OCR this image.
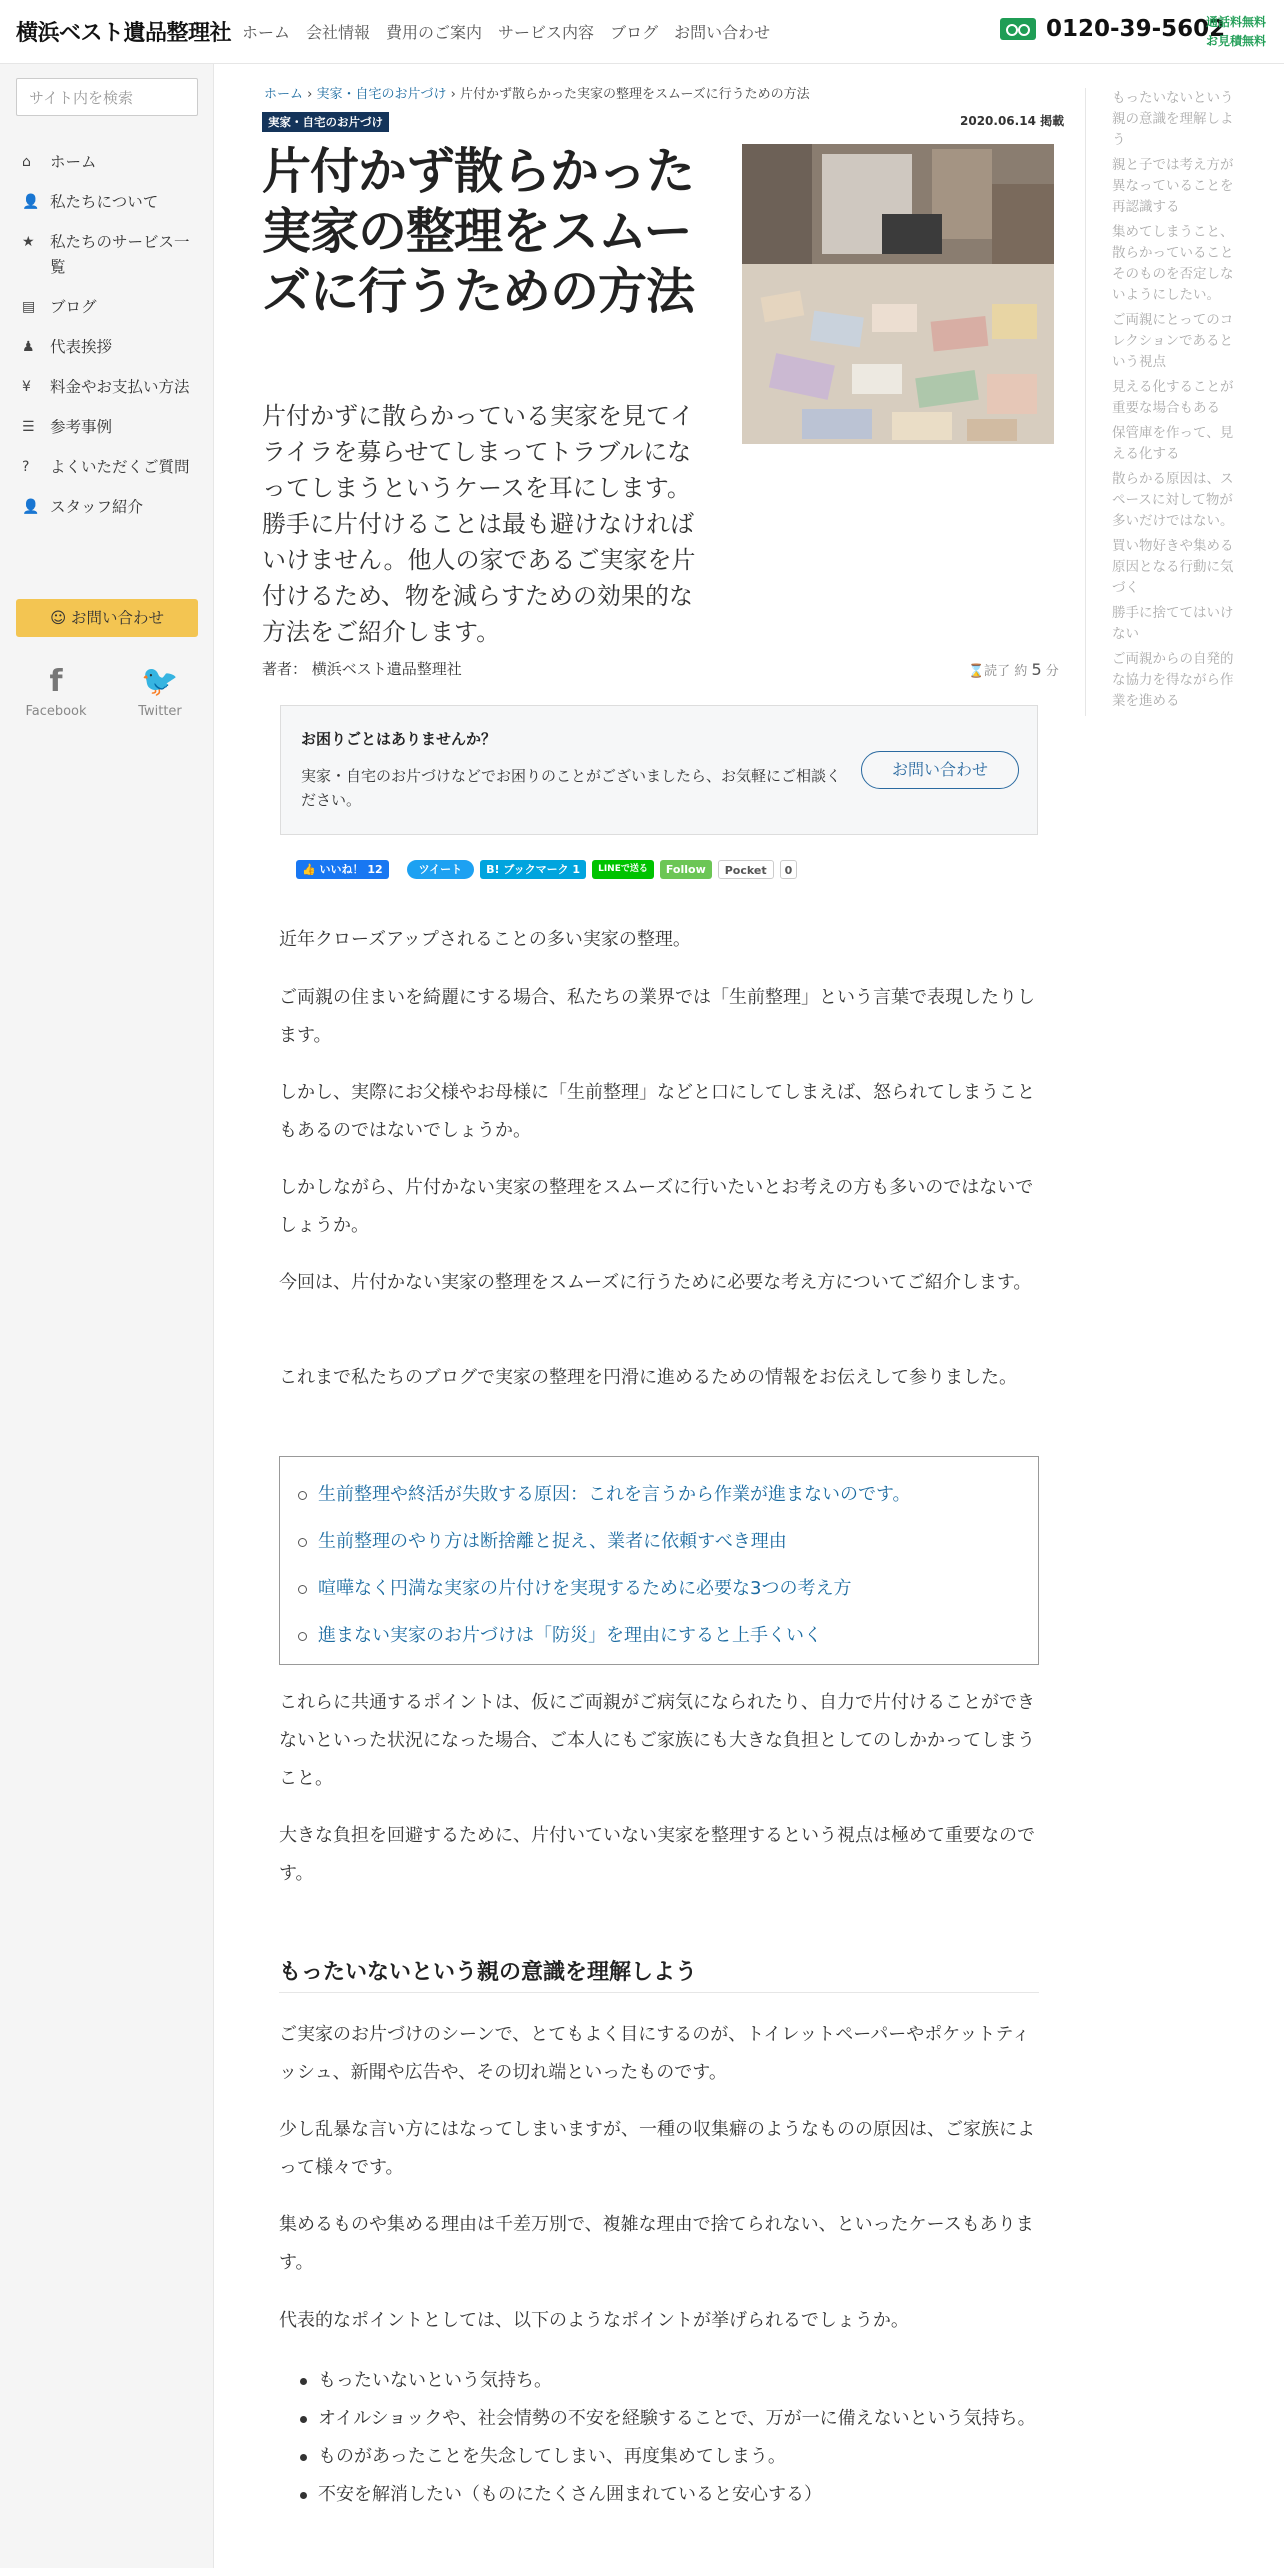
横浜ベスト遺品整理社 ホーム 会社情報 費用のご案内 サービス内容 ブログ お問い合わせ	0120-39-5602
通話料無料
お見積無料
サイト内を検索
⌂	ホーム
👤 私たちについて
★ 私たちのサービス一覧
▤ ブログ
♟ 代表挨拶
¥	料金やお支払い方法
☰ 参考事例
?	よくいただくご質問
👤 スタッフ紹介
☺ お問い合わせ
f
Facebook
🐦
Twitter
もったいないという親の意識を理解しよう
親と子では考え方が異なっていることを再認識する
集めてしまうこと、散らかっていることそのものを否定しないようにしたい。
ご両親にとってのコレクションであるという視点
見える化することが重要な場合もある
保管庫を作って、見える化する
散らかる原因は、スペースに対して物が多いだけではない。
買い物好きや集める原因となる行動に気づく
勝手に捨ててはいけない
ご両親からの自発的な協力を得ながら作業を進める
ホーム › 実家・自宅のお片づけ › 片付かず散らかった実家の整理をスムーズに行うための方法
実家・自宅のお片づけ	2020.06.14 掲載
片付かず散らかった実家の整理をスムーズに行うための方法

片付かずに散らかっている実家を見てイライラを募らせてしまってトラブルになってしまうというケースを耳にします。勝手に片付けることは最も避けなければいけません。他人の家であるご実家を片付けるため、物を減らすための効果的な方法をご紹介します。

著者： 横浜ベスト遺品整理社	⌛読了 約 5 分
お困りごとはありませんか？
実家・自宅のお片づけなどでお困りのことがございましたら、お気軽にご相談ください。
お問い合わせ
👍 いいね！ 12	ツイート	B! ブックマーク 1	LINEで送る	Follow	Pocket	0

近年クローズアップされることの多い実家の整理。

ご両親の住まいを綺麗にする場合、私たちの業界では「生前整理」という言葉で表現したりします。

しかし、実際にお父様やお母様に「生前整理」などと口にしてしまえば、怒られてしまうこともあるのではないでしょうか。

しかしながら、片付かない実家の整理をスムーズに行いたいとお考えの方も多いのではないでしょうか。

今回は、片付かない実家の整理をスムーズに行うために必要な考え方についてご紹介します。

これまで私たちのブログで実家の整理を円滑に進めるための情報をお伝えして参りました。

生前整理や終活が失敗する原因：これを言うから作業が進まないのです。
生前整理のやり方は断捨離と捉え、業者に依頼すべき理由
喧嘩なく円満な実家の片付けを実現するために必要な3つの考え方
進まない実家のお片づけは「防災」を理由にすると上手くいく

これらに共通するポイントは、仮にご両親がご病気になられたり、自力で片付けることができないといった状況になった場合、ご本人にもご家族にも大きな負担としてのしかかってしまうこと。

大きな負担を回避するために、片付いていない実家を整理するという視点は極めて重要なのです。

もったいないという親の意識を理解しよう

ご実家のお片づけのシーンで、とてもよく目にするのが、トイレットペーパーやポケットティッシュ、新聞や広告や、その切れ端といったものです。

少し乱暴な言い方にはなってしまいますが、一種の収集癖のようなものの原因は、ご家族によって様々です。

集めるものや集める理由は千差万別で、複雑な理由で捨てられない、といったケースもあります。

代表的なポイントとしては、以下のようなポイントが挙げられるでしょうか。

もったいないという気持ち。
オイルショックや、社会情勢の不安を経験することで、万が一に備えないという気持ち。
ものがあったことを失念してしまい、再度集めてしまう。
不安を解消したい（ものにたくさん囲まれていると安心する）
